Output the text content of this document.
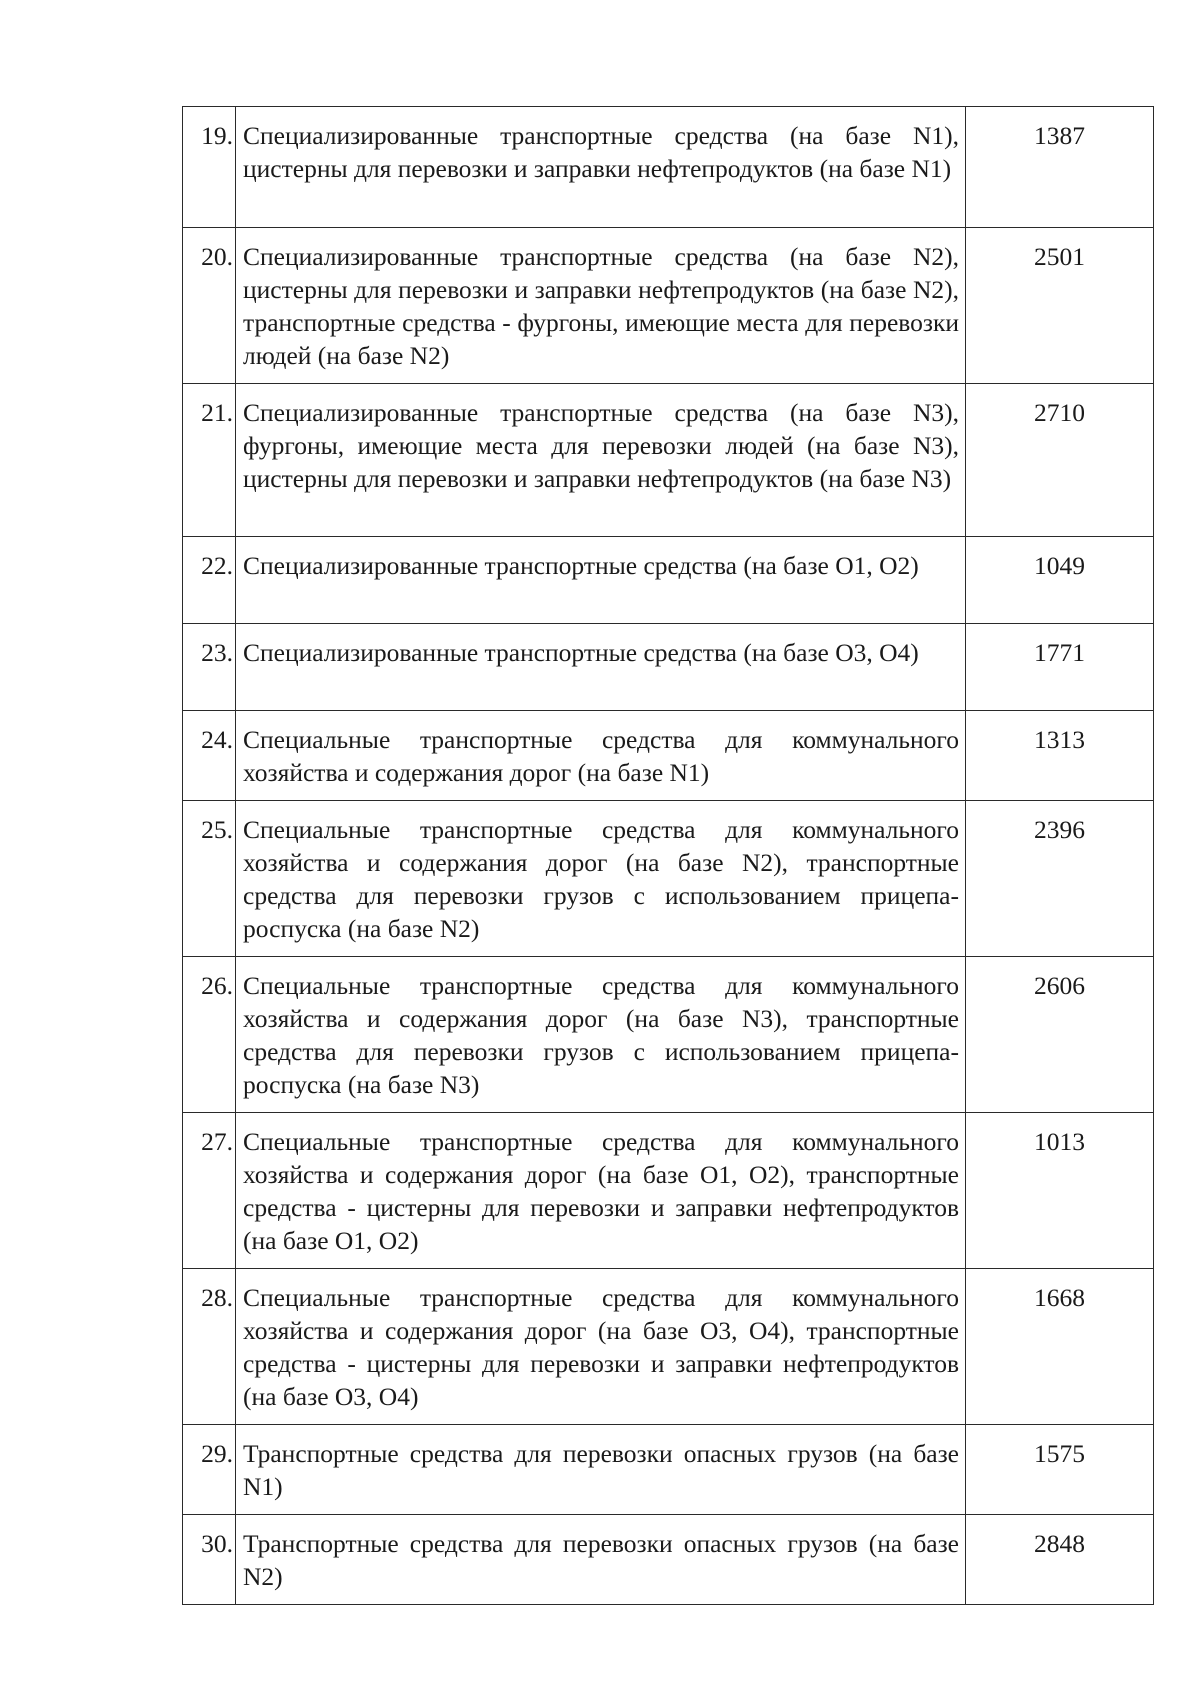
19.	Специализированные транспортные средства (на базе N1), цистерны для перевозки и заправки нефтепродуктов (на базе N1)	1387
20.	Специализированные транспортные средства (на базе N2), цистерны для перевозки и заправки нефтепродуктов (на базе N2), транспортные средства - фургоны, имеющие места для перевозки людей (на базе N2)	2501
21.	Специализированные транспортные средства (на базе N3), фургоны, имеющие места для перевозки людей (на базе N3), цистерны для перевозки и заправки нефтепродуктов (на базе N3)	2710
22.	Специализированные транспортные средства (на базе O1, O2)	1049
23.	Специализированные транспортные средства (на базе O3, O4)	1771
24.	Специальные транспортные средства для коммунального хозяйства и содержания дорог (на базе N1)	1313
25.	Специальные транспортные средства для коммунального хозяйства и содержания дорог (на базе N2), транспортные средства для перевозки грузов с использованием прицепа-роспуска (на базе N2)	2396
26.	Специальные транспортные средства для коммунального хозяйства и содержания дорог (на базе N3), транспортные средства для перевозки грузов с использованием прицепа-роспуска (на базе N3)	2606
27.	Специальные транспортные средства для коммунального хозяйства и содержания дорог (на базе O1, O2), транспортные средства - цистерны для перевозки и заправки нефтепродуктов (на базе O1, O2)	1013
28.	Специальные транспортные средства для коммунального хозяйства и содержания дорог (на базе O3, O4), транспортные средства - цистерны для перевозки и заправки нефтепродуктов (на базе O3, O4)	1668
29.	Транспортные средства для перевозки опасных грузов (на базе N1)	1575
30.	Транспортные средства для перевозки опасных грузов (на базе N2)	2848
